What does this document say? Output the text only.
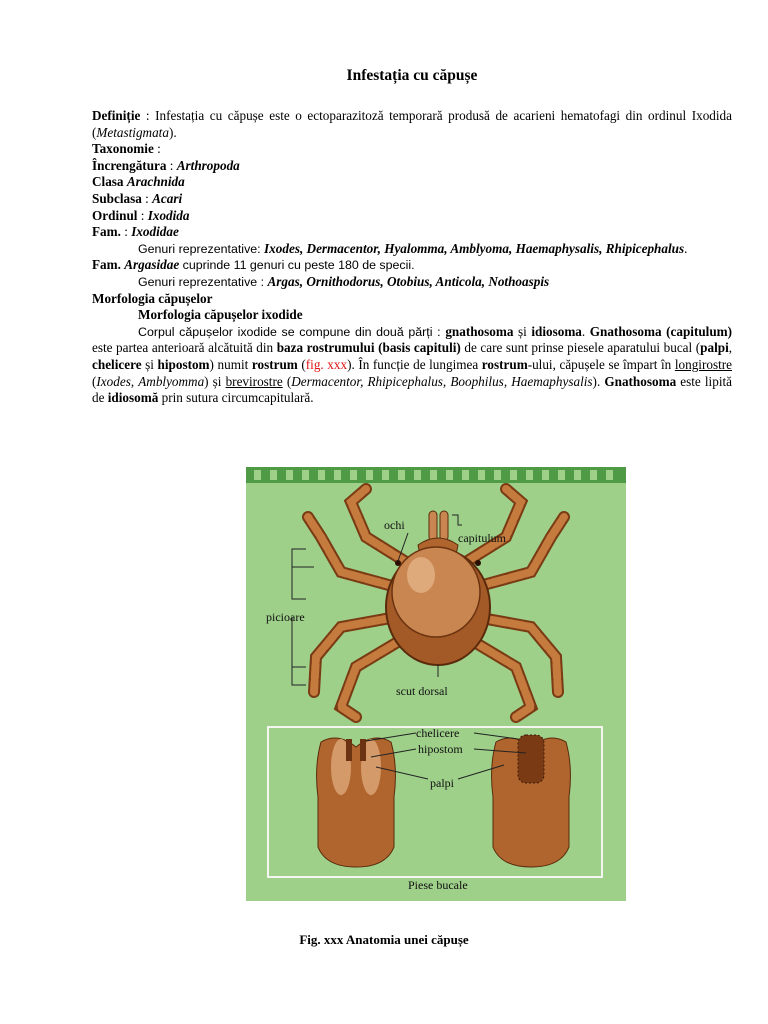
Infestația cu căpușe

Definiție : Infestația cu căpușe este o ectoparazitoză temporară produsă de acarieni hematofagi din ordinul Ixodida (Metastigmata).

Taxonomie :

Încrengătura : Arthropoda

Clasa Arachnida

Subclasa : Acari

Ordinul : Ixodida

Fam. : Ixodidae

Genuri reprezentative: Ixodes, Dermacentor, Hyalomma, Amblyoma, Haemaphysalis, Rhipicephalus.

Fam. Argasidae cuprinde 11 genuri cu peste 180 de specii.

Genuri reprezentative : Argas, Ornithodorus, Otobius, Anticola, Nothoaspis

Morfologia căpușelor

Morfologia căpușelor ixodide

Corpul căpușelor ixodide se compune din două părți : gnathosoma și idiosoma. Gnathosoma (capitulum) este partea anterioară alcătuită din baza rostrumului (basis capituli) de care sunt prinse piesele aparatului bucal (palpi, chelicere și hipostom) numit rostrum (fig. xxx). În funcție de lungimea rostrum-ului, căpușele se împart în longirostre (Ixodes, Amblyomma) și brevirostre (Dermacentor, Rhipicephalus, Boophilus, Haemaphysalis). Gnathosoma este lipită de idiosomă prin sutura circumcapitulară.

ochi
capitulum
picioare
scut dorsal
chelicere
hipostom
palpi
Piese bucale
Fig. xxx Anatomia unei căpușe
